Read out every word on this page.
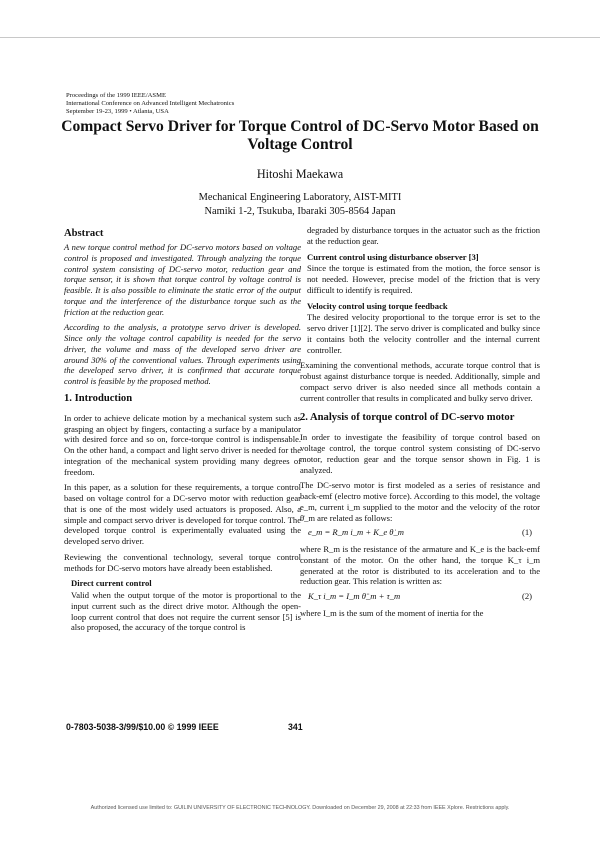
Proceedings of the 1999 IEEE/ASME
International Conference on Advanced Intelligent Mechatronics
September 19-23, 1999 • Atlanta, USA
Compact Servo Driver for Torque Control of DC-Servo Motor Based on Voltage Control
Hitoshi Maekawa
Mechanical Engineering Laboratory, AIST-MITI
Namiki 1-2, Tsukuba, Ibaraki 305-8564 Japan
Abstract

A new torque control method for DC-servo motors based on voltage control is proposed and investigated. Through analyzing the torque control system consisting of DC-servo motor, reduction gear and torque sensor, it is shown that torque control by voltage control is feasible. It is also possible to eliminate the static error of the output torque and the interference of the disturbance torque such as the friction at the reduction gear.

According to the analysis, a prototype servo driver is developed. Since only the voltage control capability is needed for the servo driver, the volume and mass of the developed servo driver are around 30% of the conventional values. Through experiments using the developed servo driver, it is confirmed that accurate torque control is feasible by the proposed method.

1. Introduction

In order to achieve delicate motion by a mechanical system such as grasping an object by fingers, contacting a surface by a manipulator with desired force and so on, force-torque control is indispensable. On the other hand, a compact and light servo driver is needed for the integration of the mechanical system providing many degrees of freedom.

In this paper, as a solution for these requirements, a torque control based on voltage control for a DC-servo motor with reduction gear that is one of the most widely used actuators is proposed. Also, a simple and compact servo driver is developed for torque control. The developed torque control is experimentally evaluated using the developed servo driver.

Reviewing the conventional technology, several torque control methods for DC-servo motors have already been established.

Direct current control

Valid when the output torque of the motor is proportional to the input current such as the direct drive motor. Although the open-loop current control that does not require the current sensor [5] is also proposed, the accuracy of the torque control is

degraded by disturbance torques in the actuator such as the friction at the reduction gear.

Current control using disturbance observer [3]

Since the torque is estimated from the motion, the force sensor is not needed. However, precise model of the friction that is very difficult to identify is required.

Velocity control using torque feedback

The desired velocity proportional to the torque error is set to the servo driver [1][2]. The servo driver is complicated and bulky since it contains both the velocity controller and the internal current controller.

Examining the conventional methods, accurate torque control that is robust against disturbance torque is needed. Additionally, simple and compact servo driver is also needed since all methods contain a current controller that results in complicated and bulky servo driver.

2. Analysis of torque control of DC-servo motor

In order to investigate the feasibility of torque control based on voltage control, the torque control system consisting of DC-servo motor, reduction gear and the torque sensor shown in Fig. 1 is analyzed.

The DC-servo motor is first modeled as a series of resistance and back-emf (electro motive force). According to this model, the voltage e_m, current i_m supplied to the motor and the velocity of the rotor θ̇_m are related as follows:

e_m = R_m i_m + K_e θ̇_m	(1)

where R_m is the resistance of the armature and K_e is the back-emf constant of the motor. On the other hand, the torque K_τ i_m generated at the rotor is distributed to its acceleration and to the reduction gear. This relation is written as:

K_τ i_m = I_m θ̈_m + τ_m	(2)

where I_m is the sum of the moment of inertia for the

0-7803-5038-3/99/$10.00 © 1999 IEEE	341
Authorized licensed use limited to: GUILIN UNIVERSITY OF ELECTRONIC TECHNOLOGY. Downloaded on December 29, 2008 at 22:33 from IEEE Xplore. Restrictions apply.
